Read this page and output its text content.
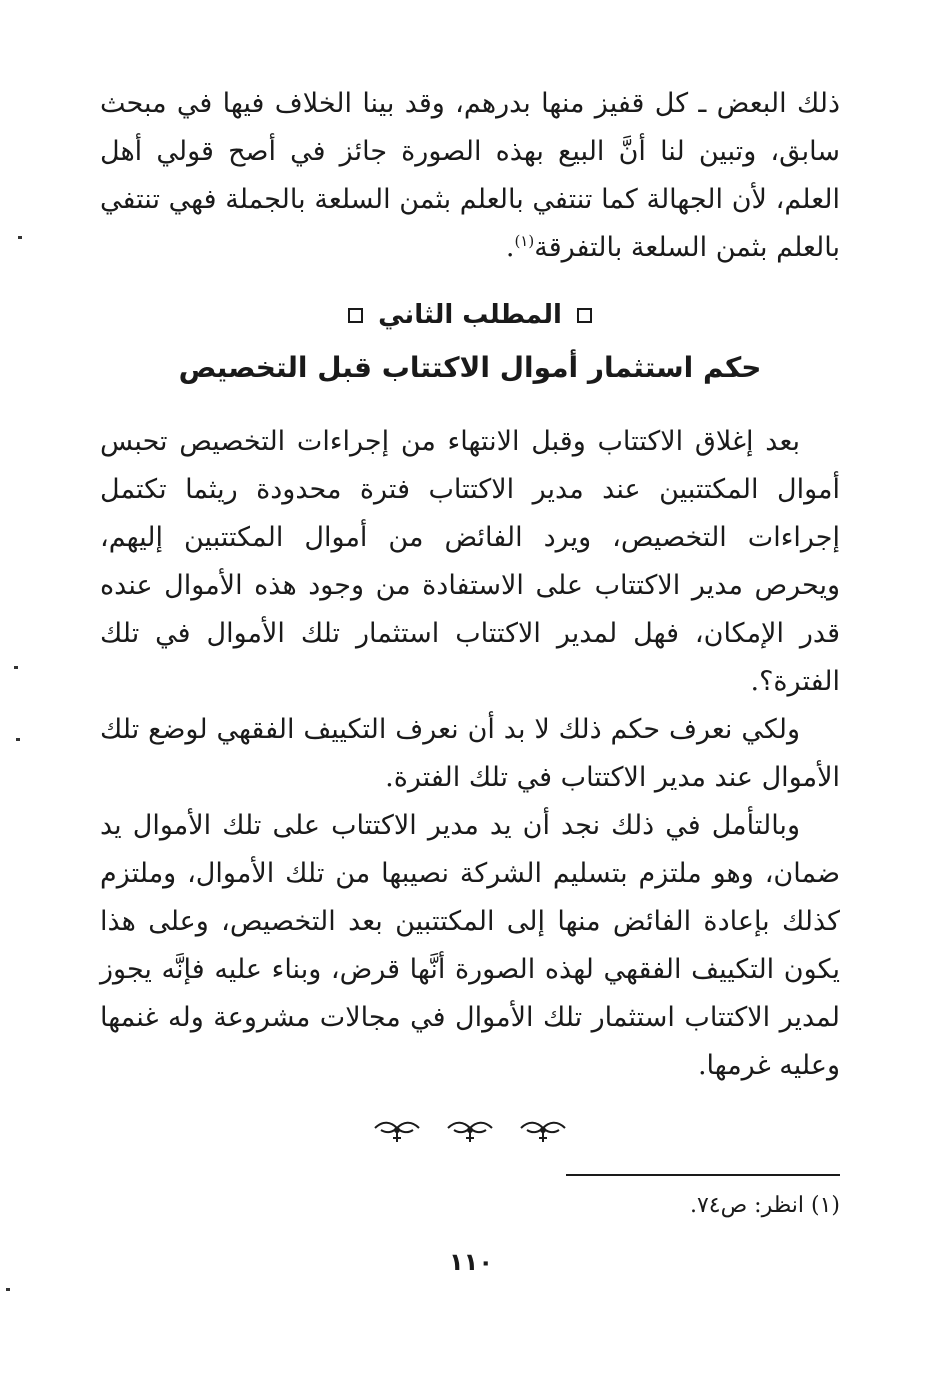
ذلك البعض ـ كل قفيز منها بدرهم، وقد بينا الخلاف فيها في مبحث سابق، وتبين لنا أنَّ البيع بهذه الصورة جائز في أصح قولي أهل العلم، لأن الجهالة كما تنتفي بالعلم بثمن السلعة بالجملة فهي تنتفي بالعلم بثمن السلعة بالتفرقة$^{(١)}$.

المطلب الثاني
حكم استثمار أموال الاكتتاب قبل التخصيص

بعد إغلاق الاكتتاب وقبل الانتهاء من إجراءات التخصيص تحبس أموال المكتتبين عند مدير الاكتتاب فترة محدودة ريثما تكتمل إجراءات التخصيص، ويرد الفائض من أموال المكتتبين إليهم، ويحرص مدير الاكتتاب على الاستفادة من وجود هذه الأموال عنده قدر الإمكان، فهل لمدير الاكتتاب استثمار تلك الأموال في تلك الفترة؟.

ولكي نعرف حكم ذلك لا بد أن نعرف التكييف الفقهي لوضع تلك الأموال عند مدير الاكتتاب في تلك الفترة.

وبالتأمل في ذلك نجد أن يد مدير الاكتتاب على تلك الأموال يد ضمان، وهو ملتزم بتسليم الشركة نصيبها من تلك الأموال، وملتزم كذلك بإعادة الفائض منها إلى المكتتبين بعد التخصيص، وعلى هذا يكون التكييف الفقهي لهذه الصورة أنَّها قرض، وبناء عليه فإنَّه يجوز لمدير الاكتتاب استثمار تلك الأموال في مجالات مشروعة وله غنمها وعليه غرمها.

(١) انظر: ص٧٤.
١١٠
